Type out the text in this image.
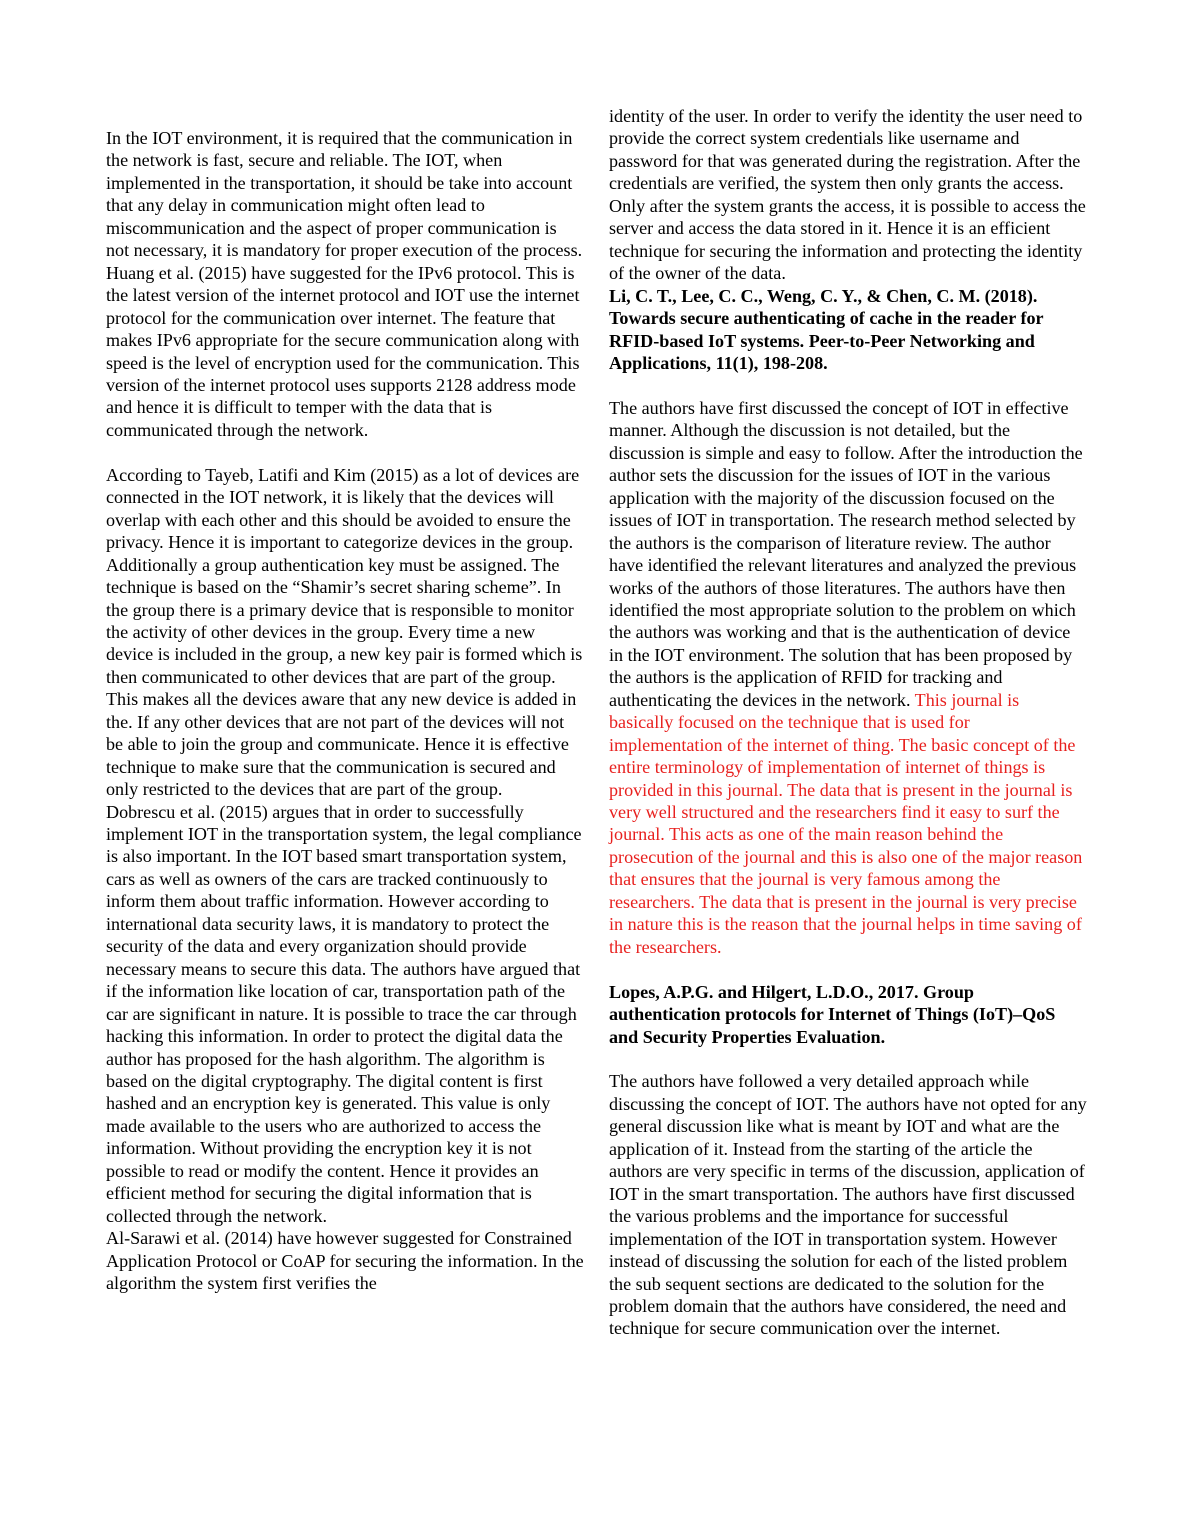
In the IOT environment, it is required that the communication in the network is fast, secure and reliable. The IOT, when implemented in the transportation, it should be take into account that any delay in communication might often lead to miscommunication and the aspect of proper communication is not necessary, it is mandatory for proper execution of the process. Huang et al. (2015) have suggested for the IPv6 protocol. This is the latest version of the internet protocol and IOT use the internet protocol for the communication over internet. The feature that makes IPv6 appropriate for the secure communication along with speed is the level of encryption used for the communication. This version of the internet protocol uses supports 2128 address mode and hence it is difficult to temper with the data that is communicated through the network.

According to Tayeb, Latifi and Kim (2015) as a lot of devices are connected in the IOT network, it is likely that the devices will overlap with each other and this should be avoided to ensure the privacy. Hence it is important to categorize devices in the group. Additionally a group authentication key must be assigned. The technique is based on the “Shamir’s secret sharing scheme”. In the group there is a primary device that is responsible to monitor the activity of other devices in the group. Every time a new device is included in the group, a new key pair is formed which is then communicated to other devices that are part of the group. This makes all the devices aware that any new device is added in the. If any other devices that are not part of the devices will not be able to join the group and communicate. Hence it is effective technique to make sure that the communication is secured and only restricted to the devices that are part of the group.

Dobrescu et al. (2015) argues that in order to successfully implement IOT in the transportation system, the legal compliance is also important. In the IOT based smart transportation system, cars as well as owners of the cars are tracked continuously to inform them about traffic information. However according to international data security laws, it is mandatory to protect the security of the data and every organization should provide necessary means to secure this data. The authors have argued that if the information like location of car, transportation path of the car are significant in nature. It is possible to trace the car through hacking this information. In order to protect the digital data the author has proposed for the hash algorithm. The algorithm is based on the digital cryptography. The digital content is first hashed and an encryption key is generated. This value is only made available to the users who are authorized to access the information. Without providing the encryption key it is not possible to read or modify the content. Hence it provides an efficient method for securing the digital information that is collected through the network.

Al-Sarawi et al. (2014) have however suggested for Constrained Application Protocol or CoAP for securing the information. In the algorithm the system first verifies the

identity of the user. In order to verify the identity the user need to provide the correct system credentials like username and password for that was generated during the registration. After the credentials are verified, the system then only grants the access. Only after the system grants the access, it is possible to access the server and access the data stored in it. Hence it is an efficient technique for securing the information and protecting the identity of the owner of the data.

Li, C. T., Lee, C. C., Weng, C. Y., & Chen, C. M. (2018). Towards secure authenticating of cache in the reader for RFID-based IoT systems. Peer-to-Peer Networking and Applications, 11(1), 198-208.

The authors have first discussed the concept of IOT in effective manner. Although the discussion is not detailed, but the discussion is simple and easy to follow. After the introduction the author sets the discussion for the issues of IOT in the various application with the majority of the discussion focused on the issues of IOT in transportation. The research method selected by the authors is the comparison of literature review. The author have identified the relevant literatures and analyzed the previous works of the authors of those literatures. The authors have then identified the most appropriate solution to the problem on which the authors was working and that is the authentication of device in the IOT environment. The solution that has been proposed by the authors is the application of RFID for tracking and authenticating the devices in the network. This journal is basically focused on the technique that is used for implementation of the internet of thing. The basic concept of the entire terminology of implementation of internet of things is provided in this journal. The data that is present in the journal is very well structured and the researchers find it easy to surf the journal. This acts as one of the main reason behind the prosecution of the journal and this is also one of the major reason that ensures that the journal is very famous among the researchers. The data that is present in the journal is very precise in nature this is the reason that the journal helps in time saving of the researchers.

Lopes, A.P.G. and Hilgert, L.D.O., 2017. Group authentication protocols for Internet of Things (IoT)–QoS and Security Properties Evaluation.

The authors have followed a very detailed approach while discussing the concept of IOT. The authors have not opted for any general discussion like what is meant by IOT and what are the application of it. Instead from the starting of the article the authors are very specific in terms of the discussion, application of IOT in the smart transportation. The authors have first discussed the various problems and the importance for successful implementation of the IOT in transportation system. However instead of discussing the solution for each of the listed problem the sub sequent sections are dedicated to the solution for the problem domain that the authors have considered, the need and technique for secure communication over the internet.
